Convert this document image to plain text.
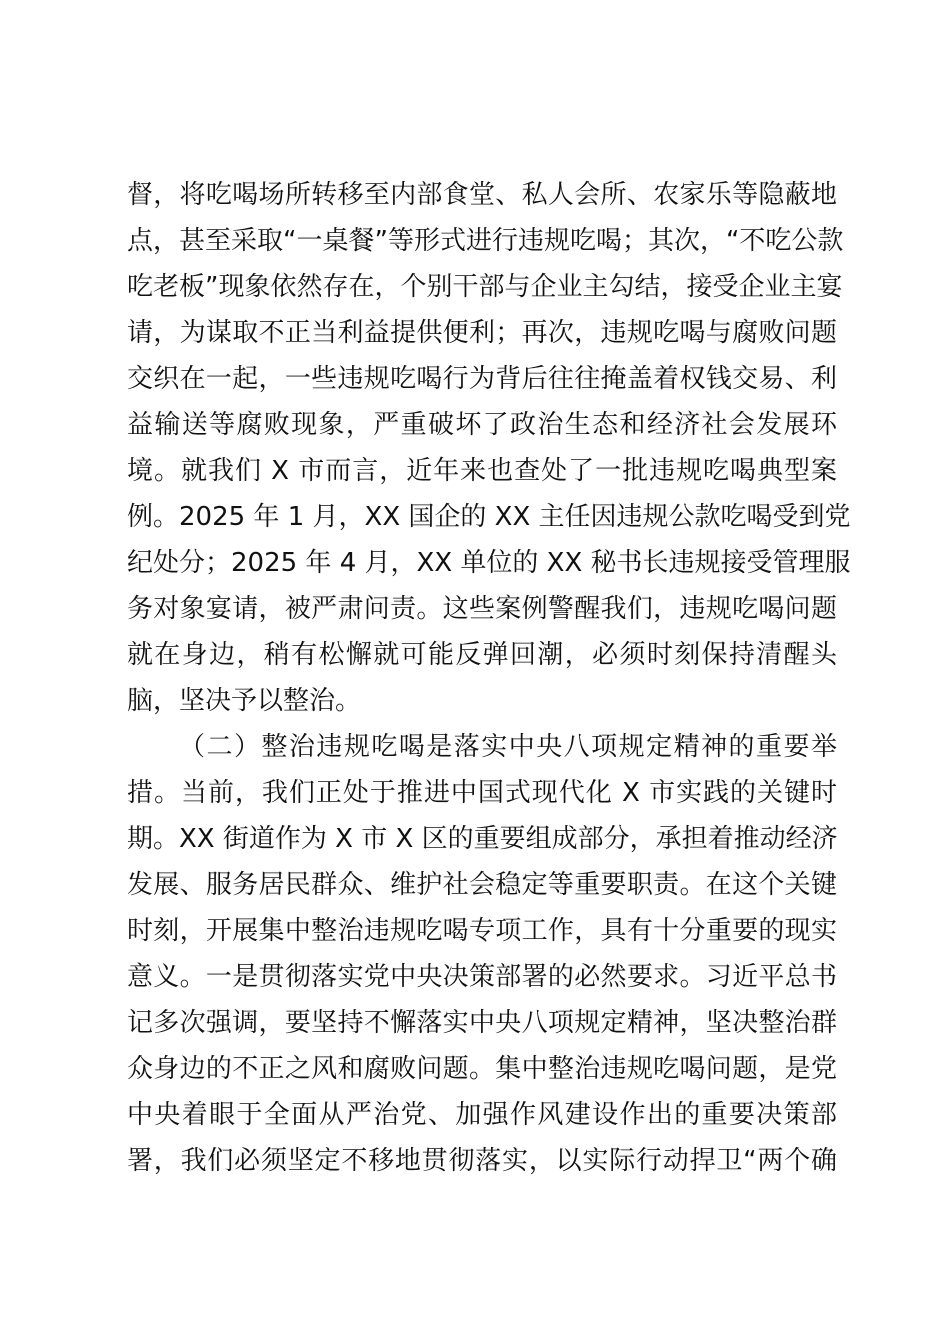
督，将吃喝场所转移至内部食堂、私人会所、农家乐等隐蔽地
点，甚至采取“一桌餐”等形式进行违规吃喝；其次，“不吃公款
吃老板”现象依然存在，个别干部与企业主勾结，接受企业主宴
请，为谋取不正当利益提供便利；再次，违规吃喝与腐败问题
交织在一起，一些违规吃喝行为背后往往掩盖着权钱交易、利
益输送等腐败现象，严重破坏了政治生态和经济社会发展环
境。就我们 X 市而言，近年来也查处了一批违规吃喝典型案
例。2025 年 1 月，XX 国企的 XX 主任因违规公款吃喝受到党
纪处分；2025 年 4 月，XX 单位的 XX 秘书长违规接受管理服
务对象宴请，被严肃问责。这些案例警醒我们，违规吃喝问题
就在身边，稍有松懈就可能反弹回潮，必须时刻保持清醒头
脑，坚决予以整治。
（二）整治违规吃喝是落实中央八项规定精神的重要举
措。当前，我们正处于推进中国式现代化 X 市实践的关键时
期。XX 街道作为 X 市 X 区的重要组成部分，承担着推动经济
发展、服务居民群众、维护社会稳定等重要职责。在这个关键
时刻，开展集中整治违规吃喝专项工作，具有十分重要的现实
意义。一是贯彻落实党中央决策部署的必然要求。习近平总书
记多次强调，要坚持不懈落实中央八项规定精神，坚决整治群
众身边的不正之风和腐败问题。集中整治违规吃喝问题，是党
中央着眼于全面从严治党、加强作风建设作出的重要决策部
署，我们必须坚定不移地贯彻落实，以实际行动捍卫“两个确
